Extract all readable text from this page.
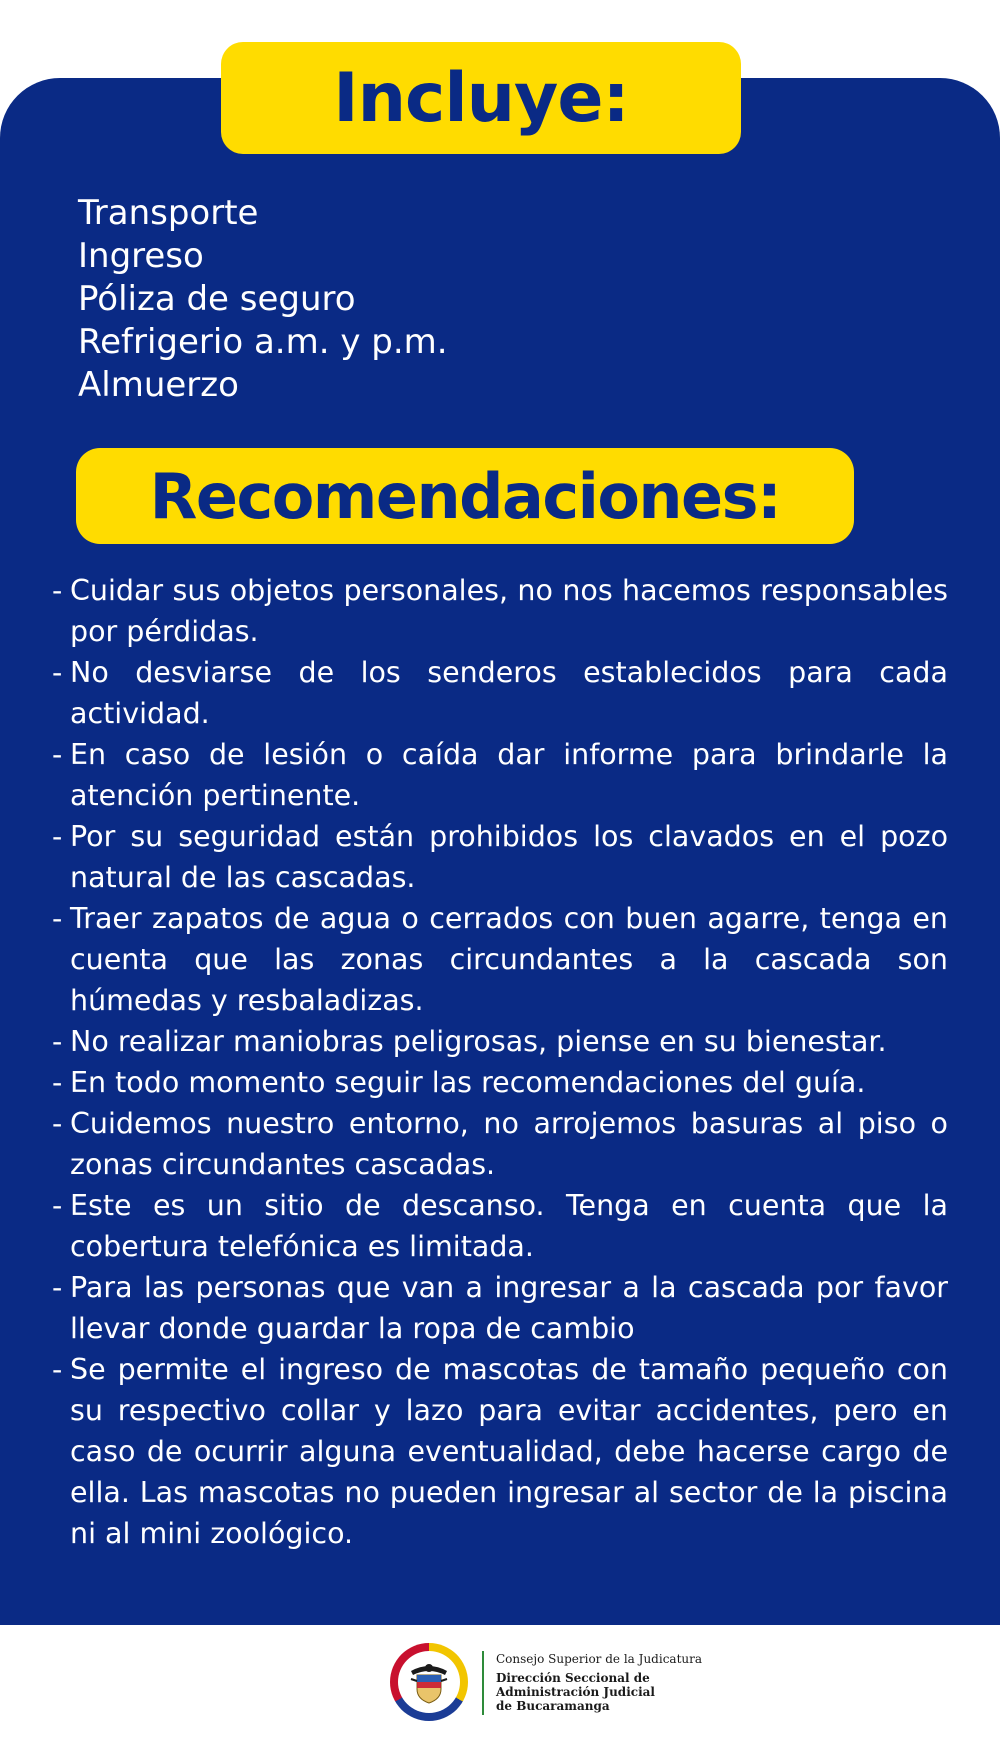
Incluye:
Transporte
Ingreso
Póliza de seguro
Refrigerio a.m. y p.m.
Almuerzo
Recomendaciones:
- Cuidar sus objetos personales, no nos hacemos responsables por pérdidas.
- No desviarse de los senderos establecidos para cada actividad.
- En caso de lesión o caída dar informe para brindarle la atención pertinente.
- Por su seguridad están prohibidos los clavados en el pozo natural de las cascadas.
- Traer zapatos de agua o cerrados con buen agarre, tenga en cuenta que las zonas circundantes a la cascada son húmedas y resbaladizas.
- No realizar maniobras peligrosas, piense en su bienestar.
- En todo momento seguir las recomendaciones del guía.
- Cuidemos nuestro entorno, no arrojemos basuras al piso o zonas circundantes cascadas.
- Este es un sitio de descanso. Tenga en cuenta que la cobertura telefónica es limitada.
- Para las personas que van a ingresar a la cascada por favor llevar donde guardar la ropa de cambio
- Se permite el ingreso de mascotas de tamaño pequeño con su respectivo collar y lazo para evitar accidentes, pero en caso de ocurrir alguna eventualidad, debe hacerse cargo de ella. Las mascotas no pueden ingresar al sector de la piscina ni al mini zoológico.
Consejo Superior de la Judicatura
Dirección Seccional de
Administración Judicial
de Bucaramanga
